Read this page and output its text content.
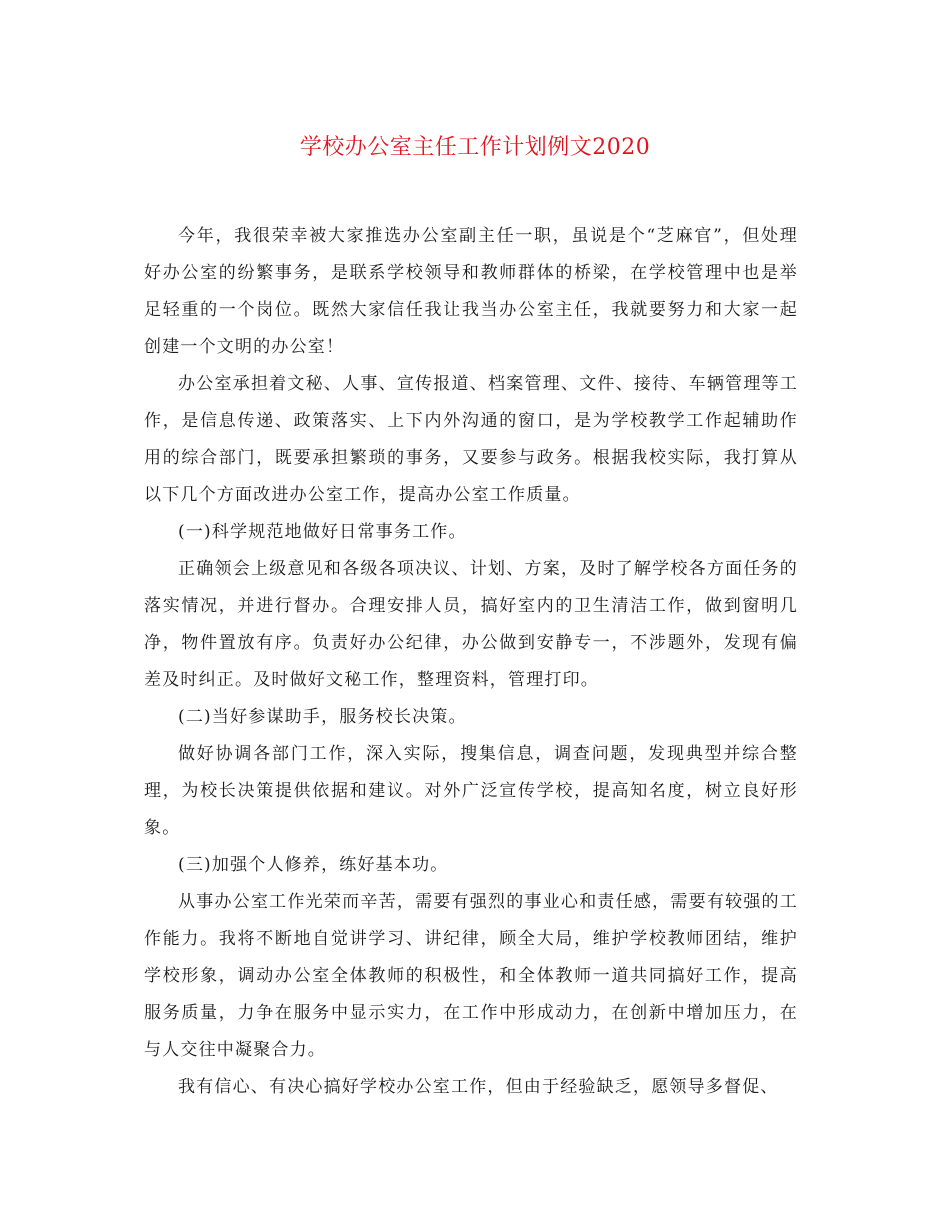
学校办公室主任工作计划例文2020

今年，我很荣幸被大家推选办公室副主任一职，虽说是个“芝麻官”，但处理好办公室的纷繁事务，是联系学校领导和教师群体的桥梁，在学校管理中也是举足轻重的一个岗位。既然大家信任我让我当办公室主任，我就要努力和大家一起创建一个文明的办公室！

办公室承担着文秘、人事、宣传报道、档案管理、文件、接待、车辆管理等工作，是信息传递、政策落实、上下内外沟通的窗口，是为学校教学工作起辅助作用的综合部门，既要承担繁琐的事务，又要参与政务。根据我校实际，我打算从以下几个方面改进办公室工作，提高办公室工作质量。

(一)科学规范地做好日常事务工作。

正确领会上级意见和各级各项决议、计划、方案，及时了解学校各方面任务的落实情况，并进行督办。合理安排人员，搞好室内的卫生清洁工作，做到窗明几净，物件置放有序。负责好办公纪律，办公做到安静专一，不涉题外，发现有偏差及时纠正。及时做好文秘工作，整理资料，管理打印。

(二)当好参谋助手，服务校长决策。

做好协调各部门工作，深入实际，搜集信息，调查问题，发现典型并综合整理，为校长决策提供依据和建议。对外广泛宣传学校，提高知名度，树立良好形象。

(三)加强个人修养，练好基本功。

从事办公室工作光荣而辛苦，需要有强烈的事业心和责任感，需要有较强的工作能力。我将不断地自觉讲学习、讲纪律，顾全大局，维护学校教师团结，维护学校形象，调动办公室全体教师的积极性，和全体教师一道共同搞好工作，提高服务质量，力争在服务中显示实力，在工作中形成动力，在创新中增加压力，在与人交往中凝聚合力。

我有信心、有决心搞好学校办公室工作，但由于经验缺乏，愿领导多督促、
